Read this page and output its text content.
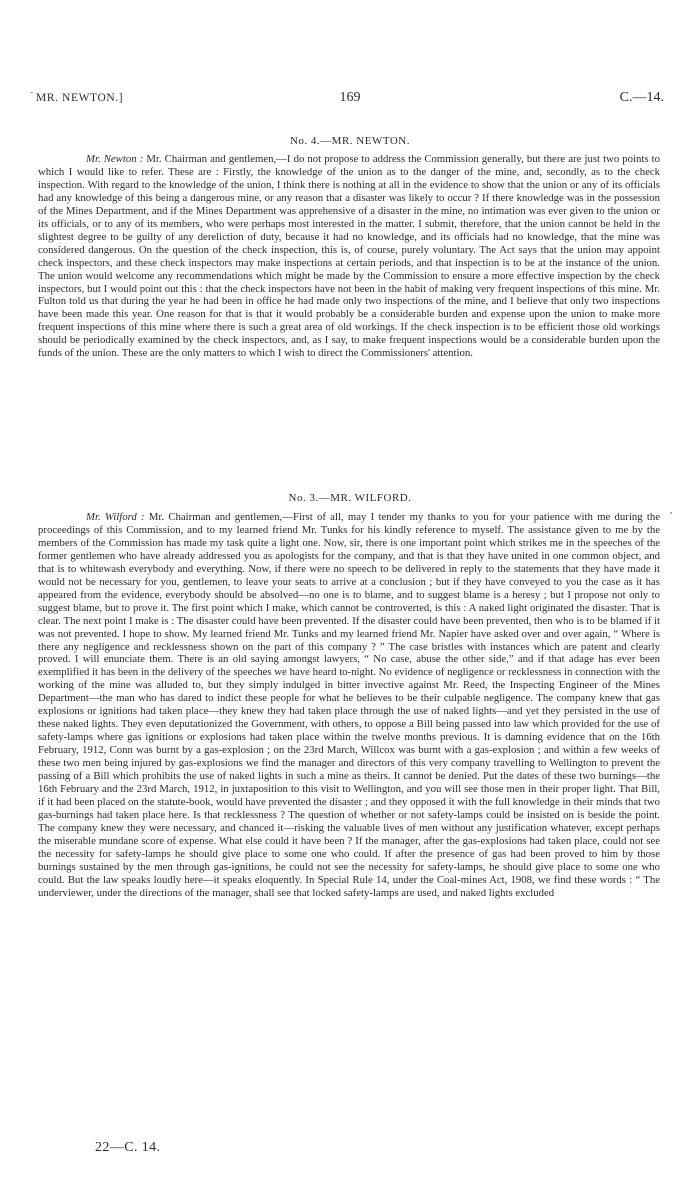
MR. NEWTON.]	169	C.—14.
·
No. 4.—MR. NEWTON.

Mr. Newton : Mr. Chairman and gentlemen,—I do not propose to address the Commission generally, but there are just two points to which I would like to refer. These are : Firstly, the knowledge of the union as to the danger of the mine, and, secondly, as to the check inspection. With regard to the knowledge of the union, I think there is nothing at all in the evidence to show that the union or any of its officials had any knowledge of this being a dangerous mine, or any reason that a disaster was likely to occur ? If there knowledge was in the possession of the Mines Department, and if the Mines Department was apprehensive of a disaster in the mine, no intimation was ever given to the union or its officials, or to any of its members, who were perhaps most interested in the matter. I submit, therefore, that the union cannot be held in the slightest degree to be guilty of any dereliction of duty, because it had no knowledge, and its officials had no knowledge, that the mine was considered dangerous. On the question of the check inspection, this is, of course, purely voluntary. The Act says that the union may appoint check inspectors, and these check inspectors may make inspections at certain periods, and that inspection is to be at the instance of the union. The union would welcome any recommendations which might be made by the Commission to ensure a more effective inspection by the check inspectors, but I would point out this : that the check inspectors have not been in the habit of making very frequent inspections of this mine. Mr. Fulton told us that during the year he had been in office he had made only two inspections of the mine, and I believe that only two inspections have been made this year. One reason for that is that it would probably be a considerable burden and expense upon the union to make more frequent inspections of this mine where there is such a great area of old workings. If the check inspection is to be efficient those old workings should be periodically examined by the check inspectors, and, as I say, to make frequent inspections would be a considerable burden upon the funds of the union. These are the only matters to which I wish to direct the Commissioners' attention.

No. 3.—MR. WILFORD.
′

Mr. Wilford : Mr. Chairman and gentlemen,—First of all, may I tender my thanks to you for your patience with me during the proceedings of this Commission, and to my learned friend Mr. Tunks for his kindly reference to myself. The assistance given to me by the members of the Commission has made my task quite a light one. Now, sir, there is one important point which strikes me in the speeches of the former gentlemen who have already addressed you as apologists for the company, and that is that they have united in one common object, and that is to whitewash everybody and everything. Now, if there were no speech to be delivered in reply to the statements that they have made it would not be necessary for you, gentlemen, to leave your seats to arrive at a conclusion ; but if they have conveyed to you the case as it has appeared from the evidence, everybody should be absolved—no one is to blame, and to suggest blame is a heresy ; but I propose not only to suggest blame, but to prove it. The first point which I make, which cannot be controverted, is this : A naked light originated the disaster. That is clear. The next point I make is : The disaster could have been prevented. If the disaster could have been prevented, then who is to be blamed if it was not prevented. I hope to show. My learned friend Mr. Tunks and my learned friend Mr. Napier have asked over and over again, “ Where is there any negligence and recklessness shown on the part of this company ? ” The case bristles with instances which are patent and clearly proved. I will enunciate them. There is an old saying amongst lawyers, “ No case, abuse the other side,” and if that adage has ever been exemplified it has been in the delivery of the speeches we have heard to-night. No evidence of negligence or recklessness in connection with the working of the mine was alluded to, but they simply indulged in bitter invective against Mr. Reed, the Inspecting Engineer of the Mines Department—the man who has dared to indict these people for what he believes to be their culpable negligence. The company knew that gas explosions or ignitions had taken place—they knew they had taken place through the use of naked lights—and yet they persisted in the use of these naked lights. They even deputationized the Government, with others, to oppose a Bill being passed into law which provided for the use of safety-lamps where gas ignitions or explosions had taken place within the twelve months previous. It is damning evidence that on the 16th February, 1912, Conn was burnt by a gas-explosion ; on the 23rd March, Willcox was burnt with a gas-explosion ; and within a few weeks of these two men being injured by gas-explosions we find the manager and directors of this very company travelling to Wellington to prevent the passing of a Bill which prohibits the use of naked lights in such a mine as theirs. It cannot be denied. Put the dates of these two burnings—the 16th February and the 23rd March, 1912, in juxtaposition to this visit to Wellington, and you will see those men in their proper light. That Bill, if it had been placed on the statute-book, would have prevented the disaster ; and they opposed it with the full knowledge in their minds that two gas-burnings had taken place here. Is that recklessness ? The question of whether or not safety-lamps could be insisted on is beside the point. The company knew they were necessary, and chanced it—risking the valuable lives of men without any justification whatever, except perhaps the miserable mundane score of expense. What else could it have been ? If the manager, after the gas-explosions had taken place, could not see the necessity for safety-lamps he should give place to some one who could. If after the presence of gas had been proved to him by those burnings sustained by the men through gas-ignitions, he could not see the necessity for safety-lamps, he should give place to some one who could. But the law speaks loudly here—it speaks eloquently. In Special Rule 14, under the Coal-mines Act, 1908, we find these words : “ The underviewer, under the directions of the manager, shall see that locked safety-lamps are used, and naked lights excluded

22—C. 14.
